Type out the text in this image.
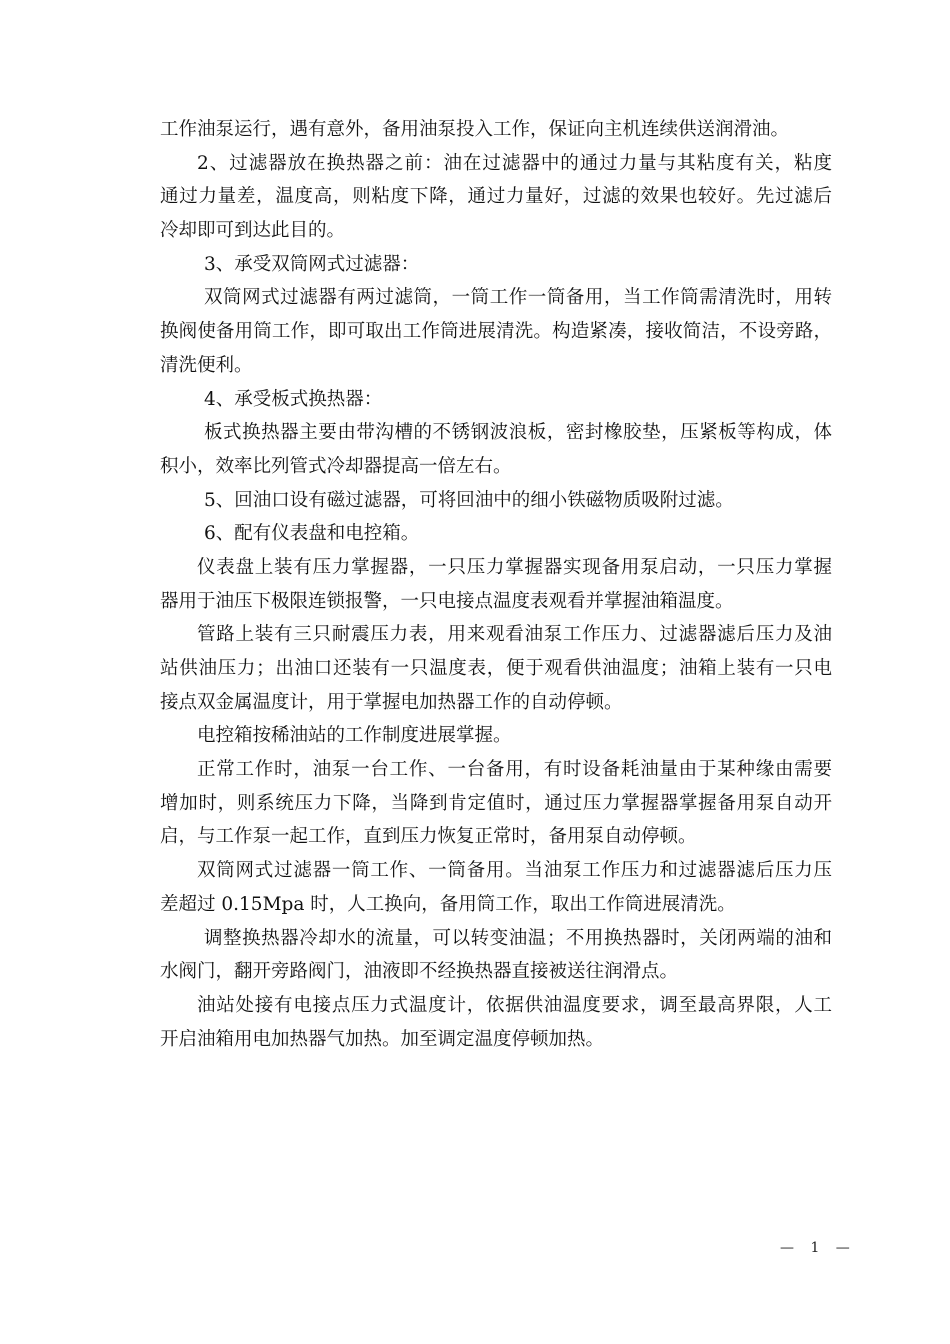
工作油泵运行，遇有意外，备用油泵投入工作，保证向主机连续供送润滑油。
2、过滤器放在换热器之前：油在过滤器中的通过力量与其粘度有关，粘度
通过力量差，温度高，则粘度下降，通过力量好，过滤的效果也较好。先过滤后
冷却即可到达此目的。
3、承受双筒网式过滤器：
双筒网式过滤器有两过滤筒，一筒工作一筒备用，当工作筒需清洗时，用转
换阀使备用筒工作，即可取出工作筒进展清洗。构造紧凑，接收简洁，不设旁路，
清洗便利。
4、承受板式换热器：
板式换热器主要由带沟槽的不锈钢波浪板，密封橡胶垫，压紧板等构成，体
积小，效率比列管式冷却器提高一倍左右。
5、回油口设有磁过滤器，可将回油中的细小铁磁物质吸附过滤。
6、配有仪表盘和电控箱。
仪表盘上装有压力掌握器，一只压力掌握器实现备用泵启动，一只压力掌握
器用于油压下极限连锁报警，一只电接点温度表观看并掌握油箱温度。
管路上装有三只耐震压力表，用来观看油泵工作压力、过滤器滤后压力及油
站供油压力；出油口还装有一只温度表，便于观看供油温度；油箱上装有一只电
接点双金属温度计，用于掌握电加热器工作的自动停顿。
电控箱按稀油站的工作制度进展掌握。
正常工作时，油泵一台工作、一台备用，有时设备耗油量由于某种缘由需要
增加时，则系统压力下降，当降到肯定值时，通过压力掌握器掌握备用泵自动开
启，与工作泵一起工作，直到压力恢复正常时，备用泵自动停顿。
双筒网式过滤器一筒工作、一筒备用。当油泵工作压力和过滤器滤后压力压
差超过 0.15Mpa 时，人工换向，备用筒工作，取出工作筒进展清洗。
调整换热器冷却水的流量，可以转变油温；不用换热器时，关闭两端的油和
水阀门，翻开旁路阀门，油液即不经换热器直接被送往润滑点。
油站处接有电接点压力式温度计，依据供油温度要求，调至最高界限，人工
开启油箱用电加热器气加热。加至调定温度停顿加热。
— 1 —
